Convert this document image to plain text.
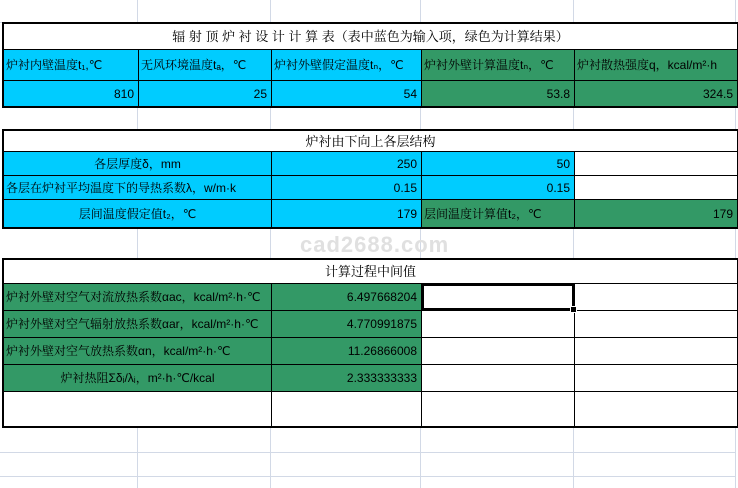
cad2688.com
辐 射 顶 炉 衬 设 计 计 算 表（表中蓝色为输入项，绿色为计算结果）
炉衬内壁温度t₁,℃	无风环境温度tₐ，℃	炉衬外壁假定温度tₙ，℃	炉衬外壁计算温度tₙ，℃	炉衬散热强度q，kcal/m²·h
810	25	54	53.8	324.5
炉衬由下向上各层结构
各层厚度δ，mm	250	50
各层在炉衬平均温度下的导热系数λ，w/m·k	0.15	0.15
层间温度假定值t₂，℃	179 层间温度计算值t₂，℃	179
计算过程中间值
炉衬外壁对空气对流放热系数αac，kcal/m²·h·℃	6.497668204
炉衬外壁对空气辐射放热系数αar，kcal/m²·h·℃	4.770991875
炉衬外壁对空气放热系数αn，kcal/m²·h·℃	11.26866008
炉衬热阻Σδᵢ/λᵢ，m²·h·℃/kcal	2.333333333
